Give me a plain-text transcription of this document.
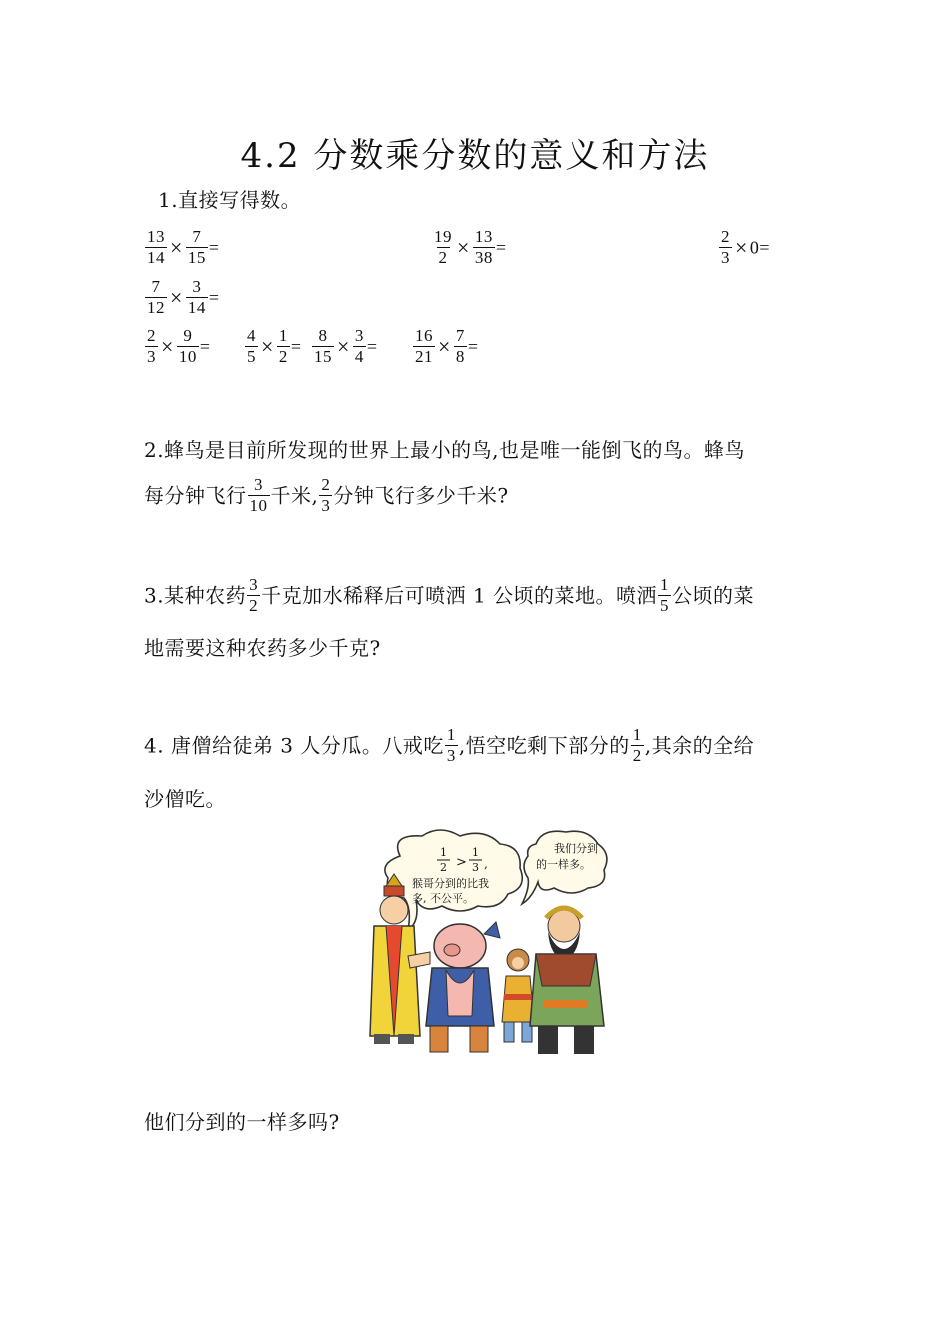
4.2 分数乘分数的意义和方法
1.直接写得数。
$\frac{13}{14} \times \frac{7}{15}$ =	$\frac{19}{2} \times \frac{13}{38}$ =	$\frac{2}{3} \times 0=$
$\frac{7}{12} \times \frac{3}{14}$ =
$\frac{2}{3} \times \frac{9}{10} = \frac{4}{5} \times \frac{1}{2} = \frac{8}{15} \times \frac{3}{4} = \frac{16}{21} \times \frac{7}{8}$ =
2.蜂鸟是目前所发现的世界上最小的鸟,也是唯一能倒飞的鸟。蜂鸟
每分钟飞行 $\frac{3}{10}$ 千米, $\frac{2}{3}$ 分钟飞行多少千米?
3.某种农药 $\frac{3}{2}$ 千克加水稀释后可喷洒 1 公顷的菜地。喷洒 $\frac{1}{5}$ 公顷的菜
地需要这种农药多少千克?
4. 唐僧给徒弟 3 人分瓜。八戒吃 $\frac{1}{3}$ ,悟空吃剩下部分的 $\frac{1}{2}$ ,其余的全给
沙僧吃。
1
2 >
1
3 ,
猴哥分到的比我
多, 不公平。
我们分到
的一样多。
他们分到的一样多吗?
